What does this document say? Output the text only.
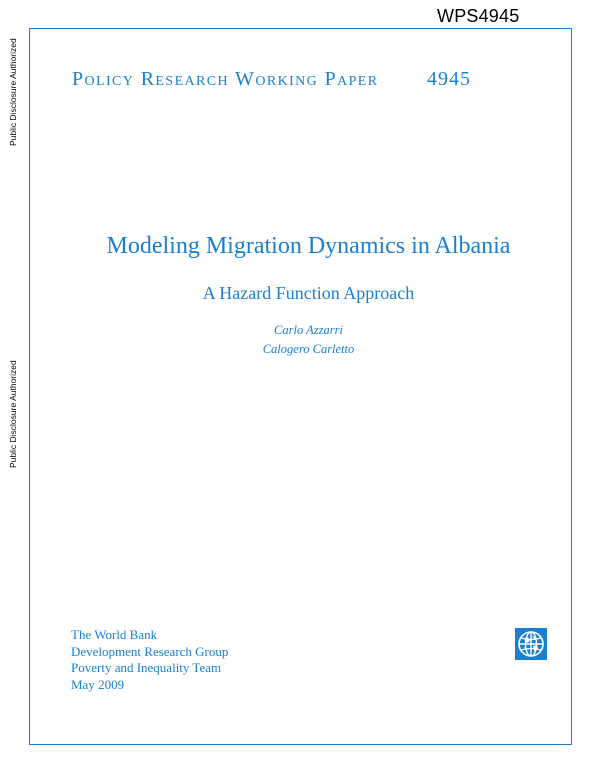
WPS4945
Public Disclosure Authorized
Public Disclosure Authorized
Policy Research Working Paper 4945
Modeling Migration Dynamics in Albania
A Hazard Function Approach
Carlo Azzarri
Calogero Carletto
The World Bank
Development Research Group
Poverty and Inequality Team
May 2009
